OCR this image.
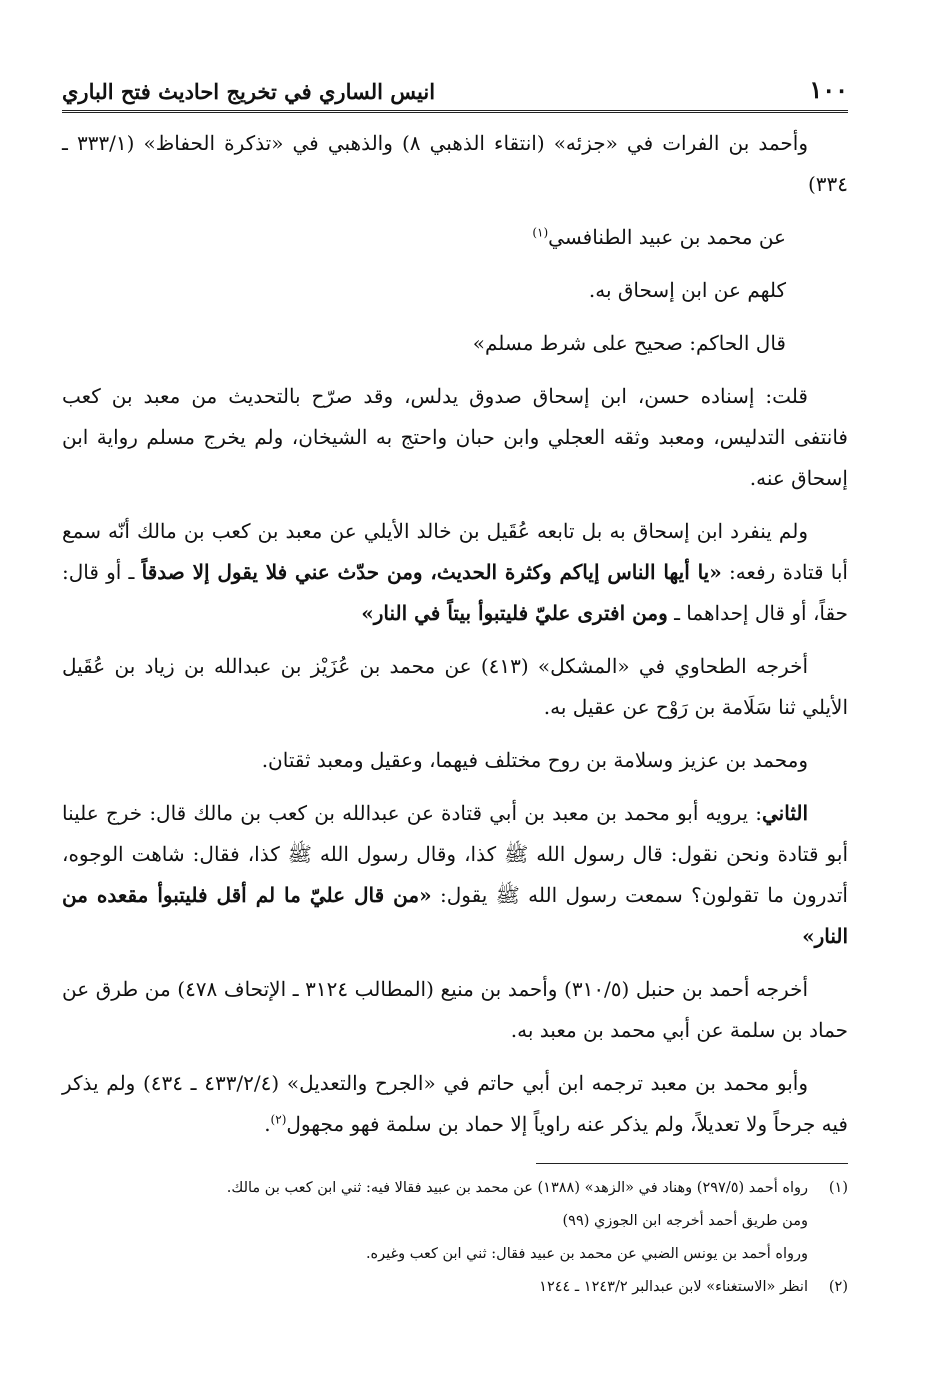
١٠٠
انيس الساري في تخريج احاديث فتح الباري

وأحمد بن الفرات في «جزئه» (انتقاء الذهبي ٨) والذهبي في «تذكرة الحفاظ» (٣٣٣/١ ـ ٣٣٤)

عن محمد بن عبيد الطنافسي$^{(١)}$

كلهم عن ابن إسحاق به.

قال الحاكم: صحيح على شرط مسلم»

قلت: إسناده حسن، ابن إسحاق صدوق يدلس، وقد صرّح بالتحديث من معبد بن كعب فانتفى التدليس، ومعبد وثقه العجلي وابن حبان واحتج به الشيخان، ولم يخرج مسلم رواية ابن إسحاق عنه.

ولم ينفرد ابن إسحاق به بل تابعه عُقَيل بن خالد الأيلي عن معبد بن كعب بن مالك أنّه سمع أبا قتادة رفعه: «يا أيها الناس إياكم وكثرة الحديث، ومن حدّث عني فلا يقول إلا صدقاً ـ أو قال: حقاً، أو قال إحداهما ـ ومن افترى عليّ فليتبوأ بيتاً في النار»

أخرجه الطحاوي في «المشكل» (٤١٣) عن محمد بن عُزَيْز بن عبدالله بن زياد بن عُقَيل الأيلي ثنا سَلَامة بن رَوْح عن عقيل به.

ومحمد بن عزيز وسلامة بن روح مختلف فيهما، وعقيل ومعبد ثقتان.

الثاني: يرويه أبو محمد بن معبد بن أبي قتادة عن عبدالله بن كعب بن مالك قال: خرج علينا أبو قتادة ونحن نقول: قال رسول الله ﷺ كذا، وقال رسول الله ﷺ كذا، فقال: شاهت الوجوه، أتدرون ما تقولون؟ سمعت رسول الله ﷺ يقول: «من قال عليّ ما لم أقل فليتبوأ مقعده من النار»

أخرجه أحمد بن حنبل (٣١٠/٥) وأحمد بن منيع (المطالب ٣١٢٤ ـ الإتحاف ٤٧٨) من طرق عن حماد بن سلمة عن أبي محمد بن معبد به.

وأبو محمد بن معبد ترجمه ابن أبي حاتم في «الجرح والتعديل» (٤٣٣/٢/٤ ـ ٤٣٤) ولم يذكر فيه جرحاً ولا تعديلاً، ولم يذكر عنه راوياً إلا حماد بن سلمة فهو مجهول$^{(٢)}$.

(١)
رواه أحمد (٢٩٧/٥) وهناد في «الزهد» (١٣٨٨) عن محمد بن عبيد فقالا فيه: ثني ابن كعب بن مالك.
ومن طريق أحمد أخرجه ابن الجوزي (٩٩)
ورواه أحمد بن يونس الضبي عن محمد بن عبيد فقال: ثني ابن كعب وغيره.
(٢)
انظر «الاستغناء» لابن عبدالبر ١٢٤٣/٢ ـ ١٢٤٤
